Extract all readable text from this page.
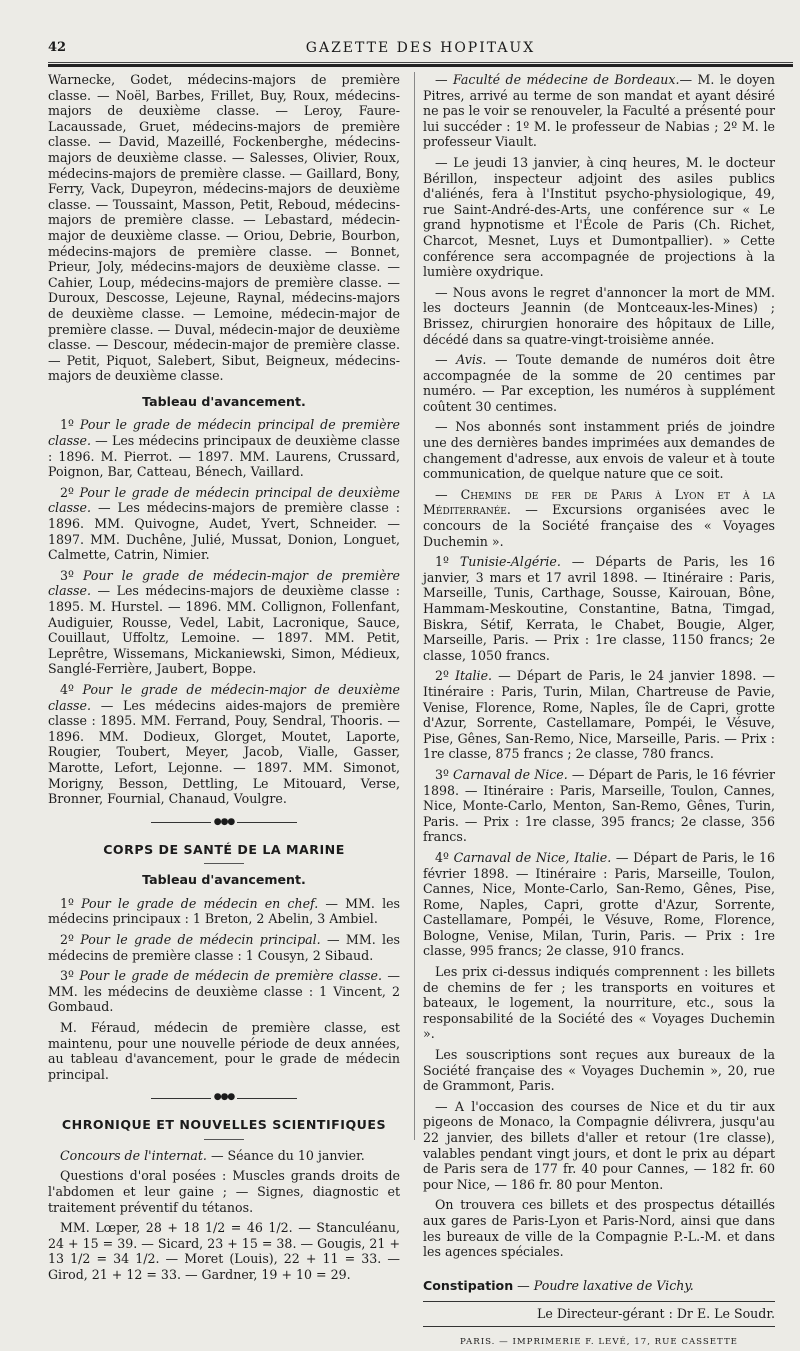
42	GAZETTE DES HOPITAUX

Warnecke, Godet, médecins-majors de première classe. — Noël, Barbes, Frillet, Buy, Roux, médecins-majors de deuxième classe. — Leroy, Faure-Lacaussade, Gruet, médecins-majors de première classe. — David, Mazeillé, Fockenberghe, médecins-majors de deuxième classe. — Salesses, Olivier, Roux, médecins-majors de première classe. — Gaillard, Bony, Ferry, Vack, Dupeyron, médecins-majors de deuxième classe. — Toussaint, Masson, Petit, Reboud, médecins-majors de première classe. — Lebastard, médecin-major de deuxième classe. — Oriou, Debrie, Bourbon, médecins-majors de première classe. — Bonnet, Prieur, Joly, médecins-majors de deuxième classe. — Cahier, Loup, médecins-majors de première classe. — Duroux, Descosse, Lejeune, Raynal, médecins-majors de deuxième classe. — Lemoine, médecin-major de première classe. — Duval, médecin-major de deuxième classe. — Descour, médecin-major de première classe. — Petit, Piquot, Salebert, Sibut, Beigneux, médecins-majors de deuxième classe.

Tableau d'avancement.

1º Pour le grade de médecin principal de première classe. — Les médecins principaux de deuxième classe : 1896. M. Pierrot. — 1897. MM. Laurens, Crussard, Poignon, Bar, Catteau, Bénech, Vaillard.

2º Pour le grade de médecin principal de deuxième classe. — Les médecins-majors de première classe : 1896. MM. Quivogne, Audet, Yvert, Schneider. — 1897. MM. Duchêne, Julié, Mussat, Donion, Longuet, Calmette, Catrin, Nimier.

3º Pour le grade de médecin-major de première classe. — Les médecins-majors de deuxième classe : 1895. M. Hurstel. — 1896. MM. Collignon, Follenfant, Audiguier, Rousse, Vedel, Labit, Lacronique, Sauce, Couillaut, Uffoltz, Lemoine. — 1897. MM. Petit, Leprêtre, Wissemans, Mickaniewski, Simon, Médieux, Sanglé-Ferrière, Jaubert, Boppe.

4º Pour le grade de médecin-major de deuxième classe. — Les médecins aides-majors de première classe : 1895. MM. Ferrand, Pouy, Sendral, Thooris. — 1896. MM. Dodieux, Glorget, Moutet, Laporte, Rougier, Toubert, Meyer, Jacob, Vialle, Gasser, Marotte, Lefort, Lejonne. — 1897. MM. Simonot, Morigny, Besson, Dettling, Le Mitouard, Verse, Bronner, Fournial, Chanaud, Voulgre.

●●●
CORPS DE SANTÉ DE LA MARINE
Tableau d'avancement.

1º Pour le grade de médecin en chef. — MM. les médecins principaux : 1 Breton, 2 Abelin, 3 Ambiel.

2º Pour le grade de médecin principal. — MM. les médecins de première classe : 1 Cousyn, 2 Sibaud.

3º Pour le grade de médecin de première classe. — MM. les médecins de deuxième classe : 1 Vincent, 2 Gombaud.

M. Féraud, médecin de première classe, est maintenu, pour une nouvelle période de deux années, au tableau d'avancement, pour le grade de médecin principal.

●●●
CHRONIQUE ET NOUVELLES SCIENTIFIQUES

Concours de l'internat. — Séance du 10 janvier.

Questions d'oral posées : Muscles grands droits de l'abdomen et leur gaine ; — Signes, diagnostic et traitement préventif du tétanos.

MM. Lœper, 28 + 18 1/2 = 46 1/2. — Stanculéanu, 24 + 15 = 39. — Sicard, 23 + 15 = 38. — Gougis, 21 + 13 1/2 = 34 1/2. — Moret (Louis), 22 + 11 = 33. — Girod, 21 + 12 = 33. — Gardner, 19 + 10 = 29.

— Faculté de médecine de Bordeaux.— M. le doyen Pitres, arrivé au terme de son mandat et ayant désiré ne pas le voir se renouveler, la Faculté a présenté pour lui succéder : 1º M. le professeur de Nabias ; 2º M. le professeur Viault.

— Le jeudi 13 janvier, à cinq heures, M. le docteur Bérillon, inspecteur adjoint des asiles publics d'aliénés, fera à l'Institut psycho-physiologique, 49, rue Saint-André-des-Arts, une conférence sur « Le grand hypnotisme et l'École de Paris (Ch. Richet, Charcot, Mesnet, Luys et Dumontpallier). » Cette conférence sera accompagnée de projections à la lumière oxydrique.

— Nous avons le regret d'annoncer la mort de MM. les docteurs Jeannin (de Montceaux-les-Mines) ; Brissez, chirurgien honoraire des hôpitaux de Lille, décédé dans sa quatre-vingt-troisième année.

— Avis. — Toute demande de numéros doit être accompagnée de la somme de 20 centimes par numéro. — Par exception, les numéros à supplément coûtent 30 centimes.

— Nos abonnés sont instamment priés de joindre une des dernières bandes imprimées aux demandes de changement d'adresse, aux envois de valeur et à toute communication, de quelque nature que ce soit.

— Chemins de fer de Paris à Lyon et à la Méditerranée. — Excursions organisées avec le concours de la Société française des « Voyages Duchemin ».

1º Tunisie-Algérie. — Départs de Paris, les 16 janvier, 3 mars et 17 avril 1898. — Itinéraire : Paris, Marseille, Tunis, Carthage, Sousse, Kairouan, Bône, Hammam-Meskoutine, Constantine, Batna, Timgad, Biskra, Sétif, Kerrata, le Chabet, Bougie, Alger, Marseille, Paris. — Prix : 1re classe, 1150 francs; 2e classe, 1050 francs.

2º Italie. — Départ de Paris, le 24 janvier 1898. — Itinéraire : Paris, Turin, Milan, Chartreuse de Pavie, Venise, Florence, Rome, Naples, île de Capri, grotte d'Azur, Sorrente, Castellamare, Pompéi, le Vésuve, Pise, Gênes, San-Remo, Nice, Marseille, Paris. — Prix : 1re classe, 875 francs ; 2e classe, 780 francs.

3º Carnaval de Nice. — Départ de Paris, le 16 février 1898. — Itinéraire : Paris, Marseille, Toulon, Cannes, Nice, Monte-Carlo, Menton, San-Remo, Gênes, Turin, Paris. — Prix : 1re classe, 395 francs; 2e classe, 356 francs.

4º Carnaval de Nice, Italie. — Départ de Paris, le 16 février 1898. — Itinéraire : Paris, Marseille, Toulon, Cannes, Nice, Monte-Carlo, San-Remo, Gênes, Pise, Rome, Naples, Capri, grotte d'Azur, Sorrente, Castellamare, Pompéi, le Vésuve, Rome, Florence, Bologne, Venise, Milan, Turin, Paris. — Prix : 1re classe, 995 francs; 2e classe, 910 francs.

Les prix ci-dessus indiqués comprennent : les billets de chemins de fer ; les transports en voitures et bateaux, le logement, la nourriture, etc., sous la responsabilité de la Société des « Voyages Duchemin ».

Les souscriptions sont reçues aux bureaux de la Société française des « Voyages Duchemin », 20, rue de Grammont, Paris.

— A l'occasion des courses de Nice et du tir aux pigeons de Monaco, la Compagnie délivrera, jusqu'au 22 janvier, des billets d'aller et retour (1re classe), valables pendant vingt jours, et dont le prix au départ de Paris sera de 177 fr. 40 pour Cannes, — 182 fr. 60 pour Nice, — 186 fr. 80 pour Menton.

On trouvera ces billets et des prospectus détaillés aux gares de Paris-Lyon et Paris-Nord, ainsi que dans les bureaux de ville de la Compagnie P.-L.-M. et dans les agences spéciales.

Constipation — Poudre laxative de Vichy.
Le Directeur-gérant : Dr E. Le Soudr.
PARIS. — IMPRIMERIE F. LEVÉ, 17, RUE CASSETTE
